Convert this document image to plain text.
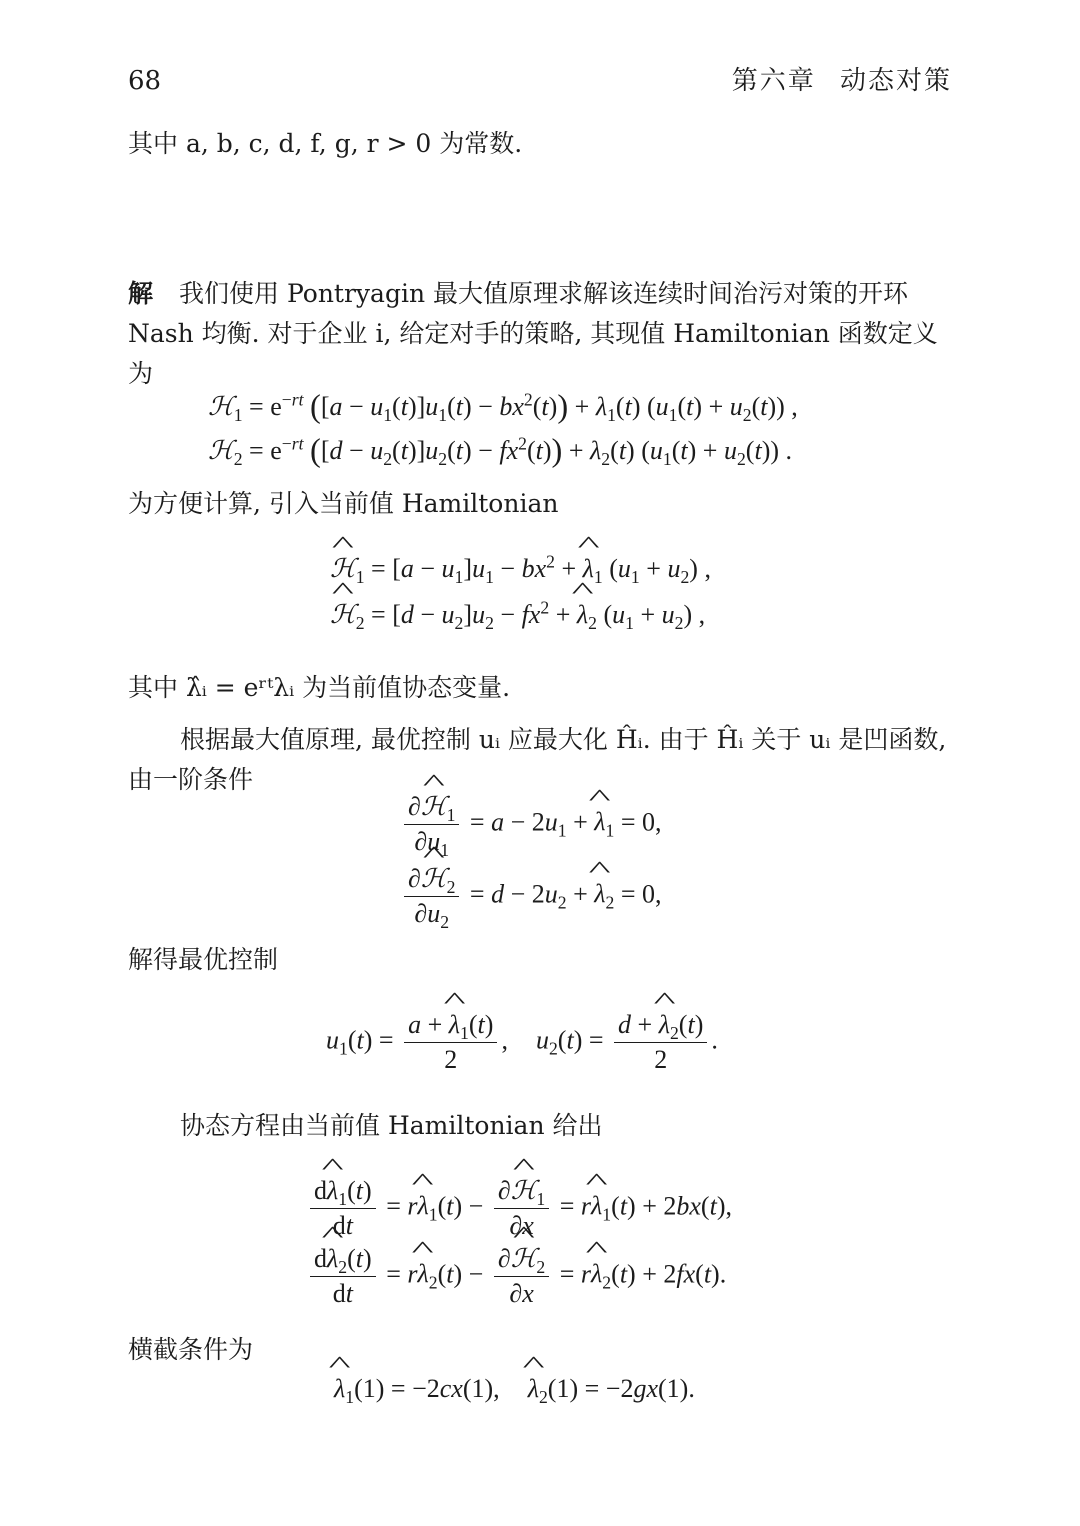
68	第六章 动态对策

其中 a, b, c, d, f, g, r > 0 为常数.

解 我们使用 Pontryagin 最大值原理求解该连续时间治污对策的开环 Nash 均衡. 对于企业 i, 给定对手的策略, 其现值 Hamiltonian 函数定义为

ℋ$_1$ = $e^{-rt}$ $([a - u_1(t)]u_1(t) - bx^2(t)) + \lambda_1(t)$ $(u_1(t) + u_2(t))$ ,
ℋ$_2$ = $e^{-rt}$ $([d - u_2(t)]u_2(t) - fx^2(t)) + \lambda_2(t)$ $(u_1(t) + u_2(t))$ .

为方便计算, 引入当前值 Hamiltonian

ℋ $\^{}_1 = [a - u_1]u_1 - bx^2 + \lambda$ $\^{}_1$ $(u_1 + u_2)$ ,
ℋ $\^{}_2 = [d - u_2]u_2 - fx^2 + \lambda$ $\^{}_2$ $(u_1 + u_2)$ ,

其中 λ̂ᵢ = eʳᵗλᵢ 为当前值协态变量.

根据最大值原理, 最优控制 uᵢ 应最大化 Ĥᵢ. 由于 Ĥᵢ 关于 uᵢ 是凹函数, 由一阶条件

$\frac{\partial ℋ \^{}_1}{\partial u_1} = a - 2u_1 + \lambda$ $\^{}_1 = 0$,
$\frac{\partial ℋ \^{}_2}{\partial u_2} = d - 2u_2 + \lambda$ $\^{}_2 = 0$,

解得最优控制

$u_1(t) = \frac{a + \lambda \^{}_1(t)}{2}$ , $u_2(t) = \frac{d + \lambda \^{}_2(t)}{2}$ .

协态方程由当前值 Hamiltonian 给出

$\frac{d\lambda \^{}_1(t)}{dt} = r\lambda$ $\^{}_1(t) - \frac{\partial ℋ \^{}_1}{\partial x} = r\lambda$ $\^{}_1(t) + 2bx(t)$,
$\frac{d\lambda \^{}_2(t)}{dt} = r\lambda$ $\^{}_2(t) - \frac{\partial ℋ \^{}_2}{\partial x} = r\lambda$ $\^{}_2(t) + 2fx(t)$.

横截条件为

λ $\^{}_1(1) = -2cx(1)$, λ $\^{}_2(1) = -2gx(1)$.
